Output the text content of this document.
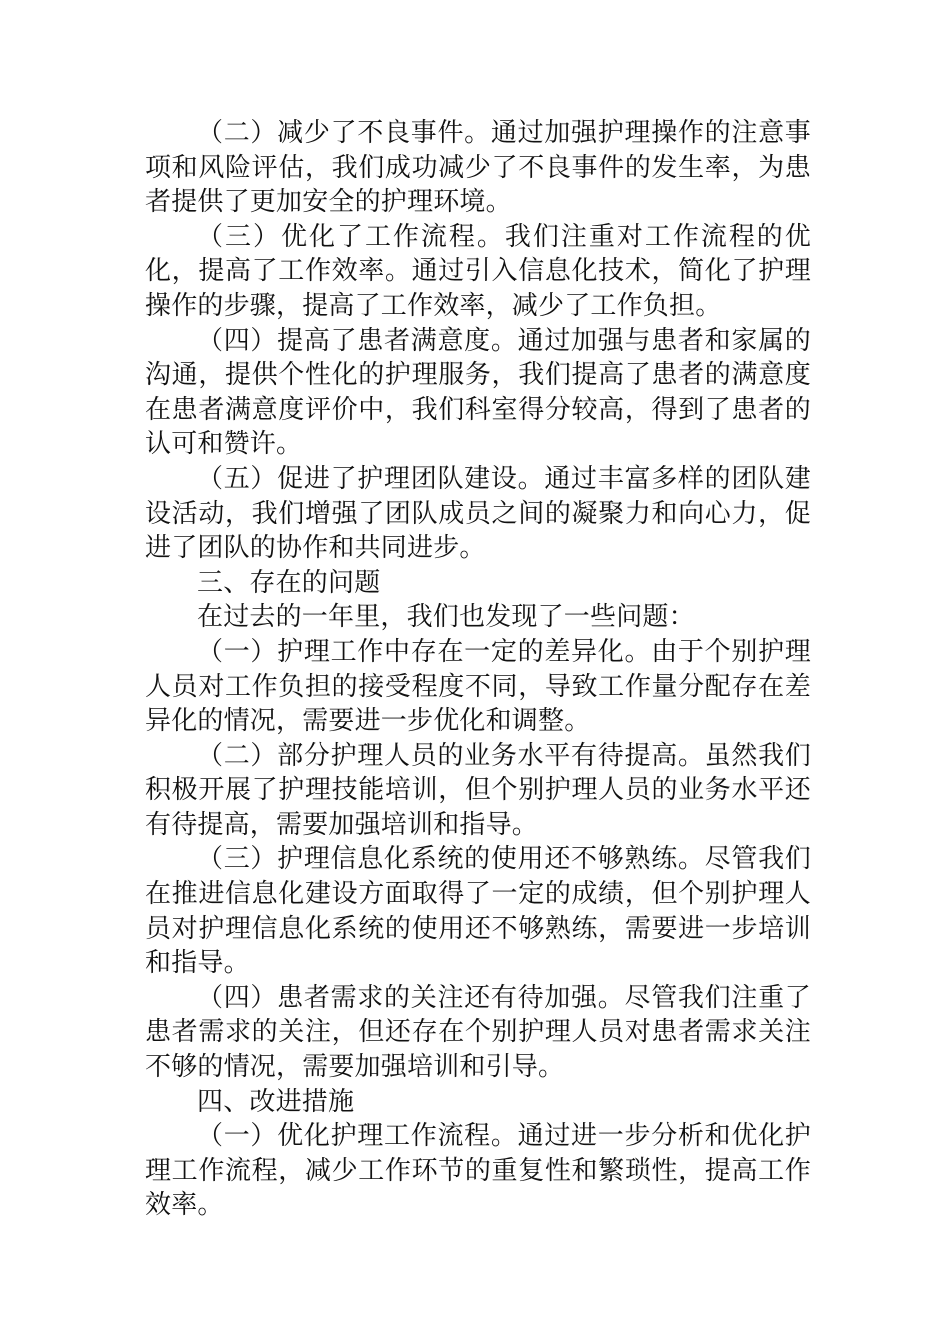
（二）减少了不良事件。通过加强护理操作的注意事项和风险评估，我们成功减少了不良事件的发生率，为患者提供了更加安全的护理环境。

（三）优化了工作流程。我们注重对工作流程的优化，提高了工作效率。通过引入信息化技术，简化了护理操作的步骤，提高了工作效率，减少了工作负担。

（四）提高了患者满意度。通过加强与患者和家属的沟通，提供个性化的护理服务，我们提高了患者的满意度在患者满意度评价中，我们科室得分较高，得到了患者的认可和赞许。

（五）促进了护理团队建设。通过丰富多样的团队建设活动，我们增强了团队成员之间的凝聚力和向心力，促进了团队的协作和共同进步。

三、存在的问题

在过去的一年里，我们也发现了一些问题：

（一）护理工作中存在一定的差异化。由于个别护理人员对工作负担的接受程度不同，导致工作量分配存在差异化的情况，需要进一步优化和调整。

（二）部分护理人员的业务水平有待提高。虽然我们积极开展了护理技能培训，但个别护理人员的业务水平还有待提高，需要加强培训和指导。

（三）护理信息化系统的使用还不够熟练。尽管我们在推进信息化建设方面取得了一定的成绩，但个别护理人员对护理信息化系统的使用还不够熟练，需要进一步培训和指导。

（四）患者需求的关注还有待加强。尽管我们注重了患者需求的关注，但还存在个别护理人员对患者需求关注不够的情况，需要加强培训和引导。

四、改进措施

（一）优化护理工作流程。通过进一步分析和优化护理工作流程，减少工作环节的重复性和繁琐性，提高工作效率。
